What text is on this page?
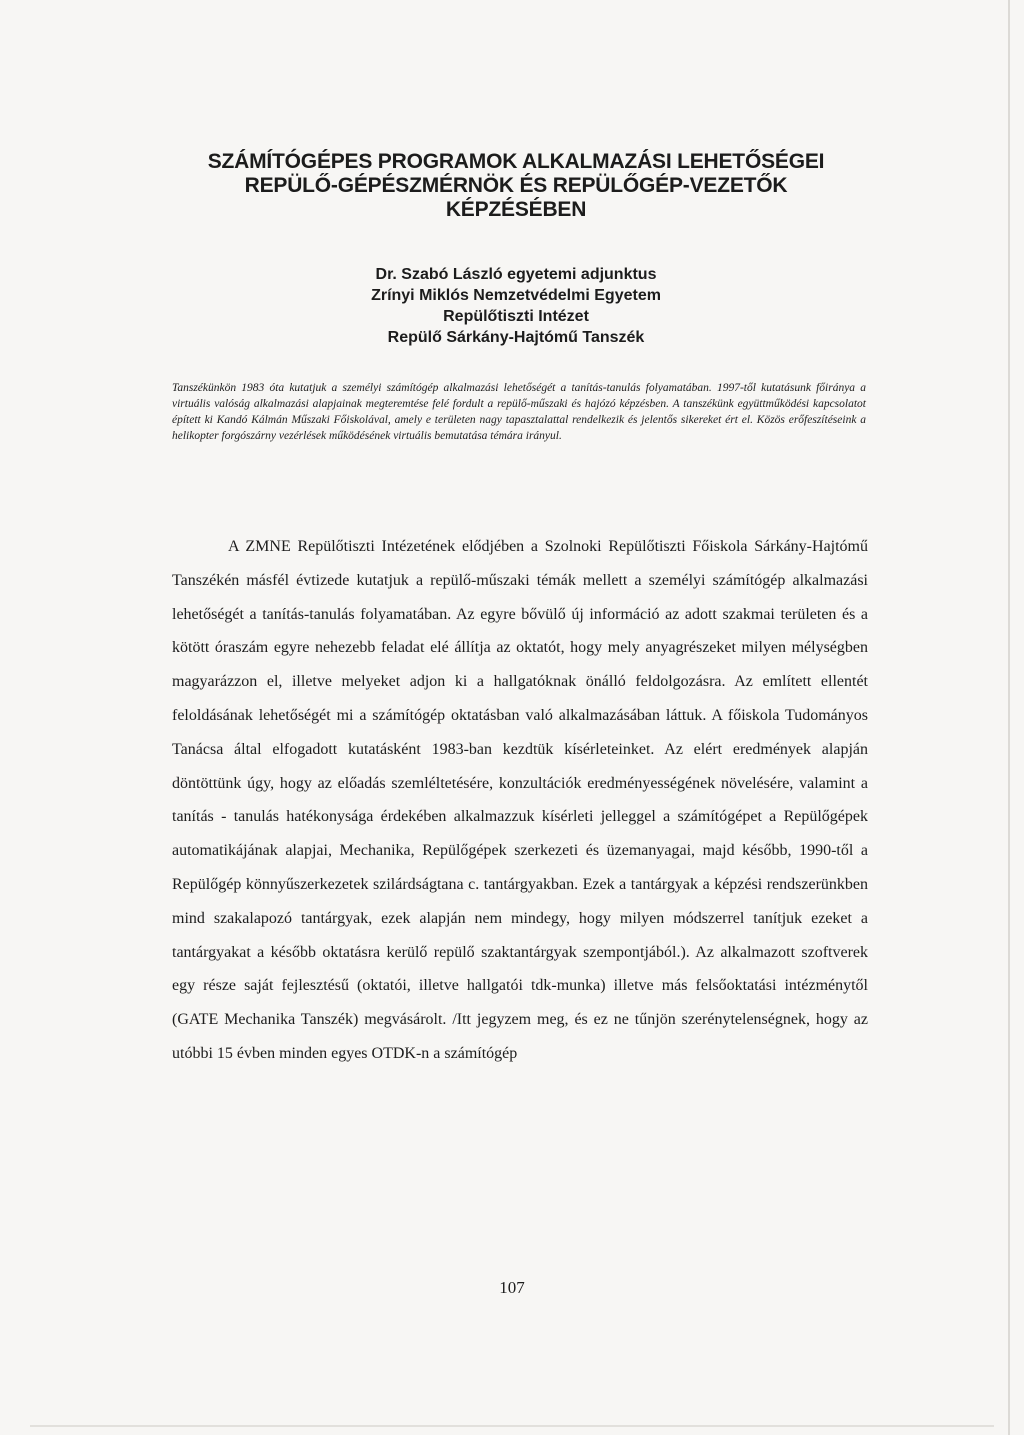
SZÁMÍTÓGÉPES PROGRAMOK ALKALMAZÁSI LEHETŐSÉGEI
REPÜLŐ-GÉPÉSZMÉRNÖK ÉS REPÜLŐGÉP-VEZETŐK
KÉPZÉSÉBEN
Dr. Szabó László egyetemi adjunktus
Zrínyi Miklós Nemzetvédelmi Egyetem
Repülőtiszti Intézet
Repülő Sárkány-Hajtómű Tanszék
Tanszékünkön 1983 óta kutatjuk a személyi számítógép alkalmazási lehetőségét a tanítás-tanulás folyamatában. 1997-től kutatásunk főiránya a virtuális valóság alkalmazási alapjainak megteremtése felé fordult a repülő-műszaki és hajózó képzésben. A tanszékünk együttműködési kapcsolatot épített ki Kandó Kálmán Műszaki Főiskolával, amely e területen nagy tapasztalattal rendelkezik és jelentős sikereket ért el. Közös erőfeszítéseink a helikopter forgószárny vezérlések működésének virtuális bemutatása témára irányul.

A ZMNE Repülőtiszti Intézetének elődjében a Szolnoki Repülőtiszti Főiskola Sárkány-Hajtómű Tanszékén másfél évtizede kutatjuk a repülő-műszaki témák mellett a személyi számítógép alkalmazási lehetőségét a tanítás-tanulás folyamatában. Az egyre bővülő új információ az adott szakmai területen és a kötött óraszám egyre nehezebb feladat elé állítja az oktatót, hogy mely anyagrészeket milyen mélységben magyarázzon el, illetve melyeket adjon ki a hallgatóknak önálló feldolgozásra. Az említett ellentét feloldásának lehetőségét mi a számítógép oktatásban való alkalmazásában láttuk. A főiskola Tudományos Tanácsa által elfogadott kutatásként 1983-ban kezdtük kísérleteinket. Az elért eredmények alapján döntöttünk úgy, hogy az előadás szemléltetésére, konzultációk eredményességének növelésére, valamint a tanítás - tanulás hatékonysága érdekében alkalmazzuk kísérleti jelleggel a számítógépet a Repülőgépek automatikájának alapjai, Mechanika, Repülőgépek szerkezeti és üzemanyagai, majd később, 1990-től a Repülőgép könnyűszerkezetek szilárdságtana c. tantárgyakban. Ezek a tantárgyak a képzési rendszerünkben mind szakalapozó tantárgyak, ezek alapján nem mindegy, hogy milyen módszerrel tanítjuk ezeket a tantárgyakat a később oktatásra kerülő repülő szaktantárgyak szempontjából.). Az alkalmazott szoftverek egy része saját fejlesztésű (oktatói, illetve hallgatói tdk-munka) illetve más felsőoktatási intézménytől (GATE Mechanika Tanszék) megvásárolt. /Itt jegyzem meg, és ez ne tűnjön szerénytelenségnek, hogy az utóbbi 15 évben minden egyes OTDK-n a számítógép

107
